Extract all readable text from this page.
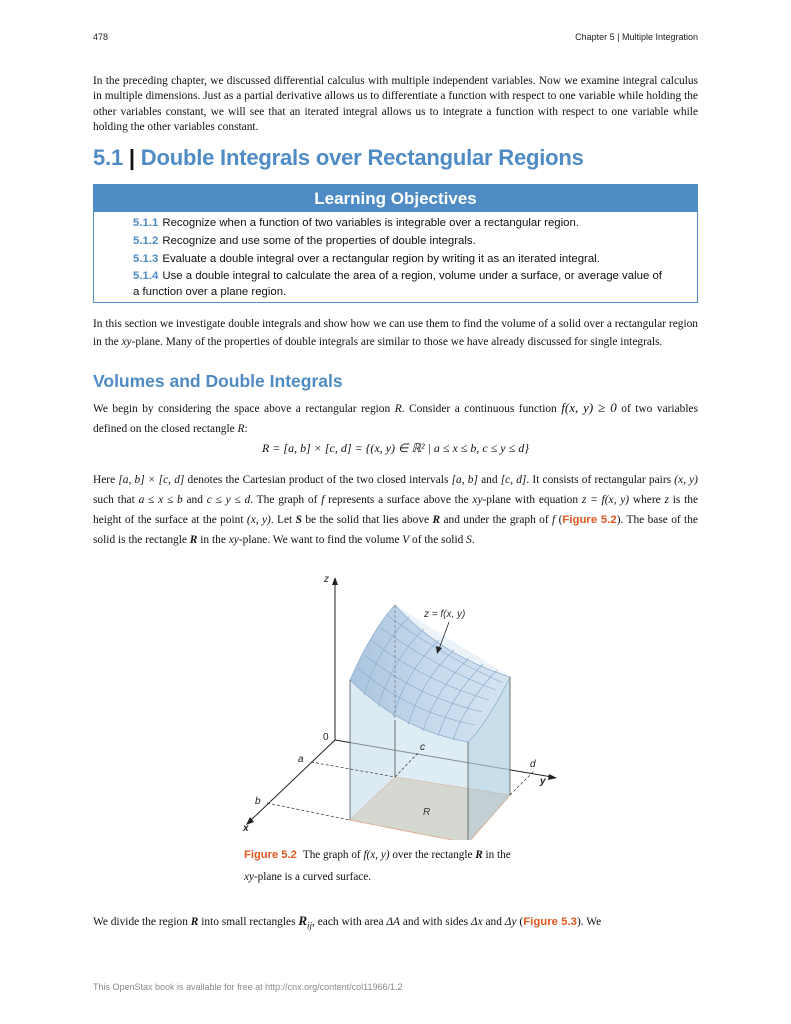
478	Chapter 5 | Multiple Integration
In the preceding chapter, we discussed differential calculus with multiple independent variables. Now we examine integral calculus in multiple dimensions. Just as a partial derivative allows us to differentiate a function with respect to one variable while holding the other variables constant, we will see that an iterated integral allows us to integrate a function with respect to one variable while holding the other variables constant.
5.1 | Double Integrals over Rectangular Regions
Learning Objectives
5.1.1 Recognize when a function of two variables is integrable over a rectangular region.
5.1.2 Recognize and use some of the properties of double integrals.
5.1.3 Evaluate a double integral over a rectangular region by writing it as an iterated integral.
5.1.4 Use a double integral to calculate the area of a region, volume under a surface, or average value of a function over a plane region.
In this section we investigate double integrals and show how we can use them to find the volume of a solid over a rectangular region in the xy-plane. Many of the properties of double integrals are similar to those we have already discussed for single integrals.
Volumes and Double Integrals
We begin by considering the space above a rectangular region R. Consider a continuous function f(x, y) ≥ 0 of two variables defined on the closed rectangle R:
R = [a, b] × [c, d] = {(x, y) ∈ ℝ² | a ≤ x ≤ b, c ≤ y ≤ d}
Here [a, b] × [c, d] denotes the Cartesian product of the two closed intervals [a, b] and [c, d]. It consists of rectangular pairs (x, y) such that a ≤ x ≤ b and c ≤ y ≤ d. The graph of f represents a surface above the xy-plane with equation z = f(x, y) where z is the height of the surface at the point (x, y). Let S be the solid that lies above R and under the graph of f (Figure 5.2). The base of the solid is the rectangle R in the xy-plane. We want to find the volume V of the solid S.
z
0
y
x
a
b
c
d
R
z = f(x, y)
Figure 5.2 The graph of f(x, y) over the rectangle R in the
xy-plane is a curved surface.
We divide the region R into small rectangles $R_{ij}$, each with area ΔA and with sides Δx and Δy (Figure 5.3). We
This OpenStax book is available for free at http://cnx.org/content/col11966/1.2
